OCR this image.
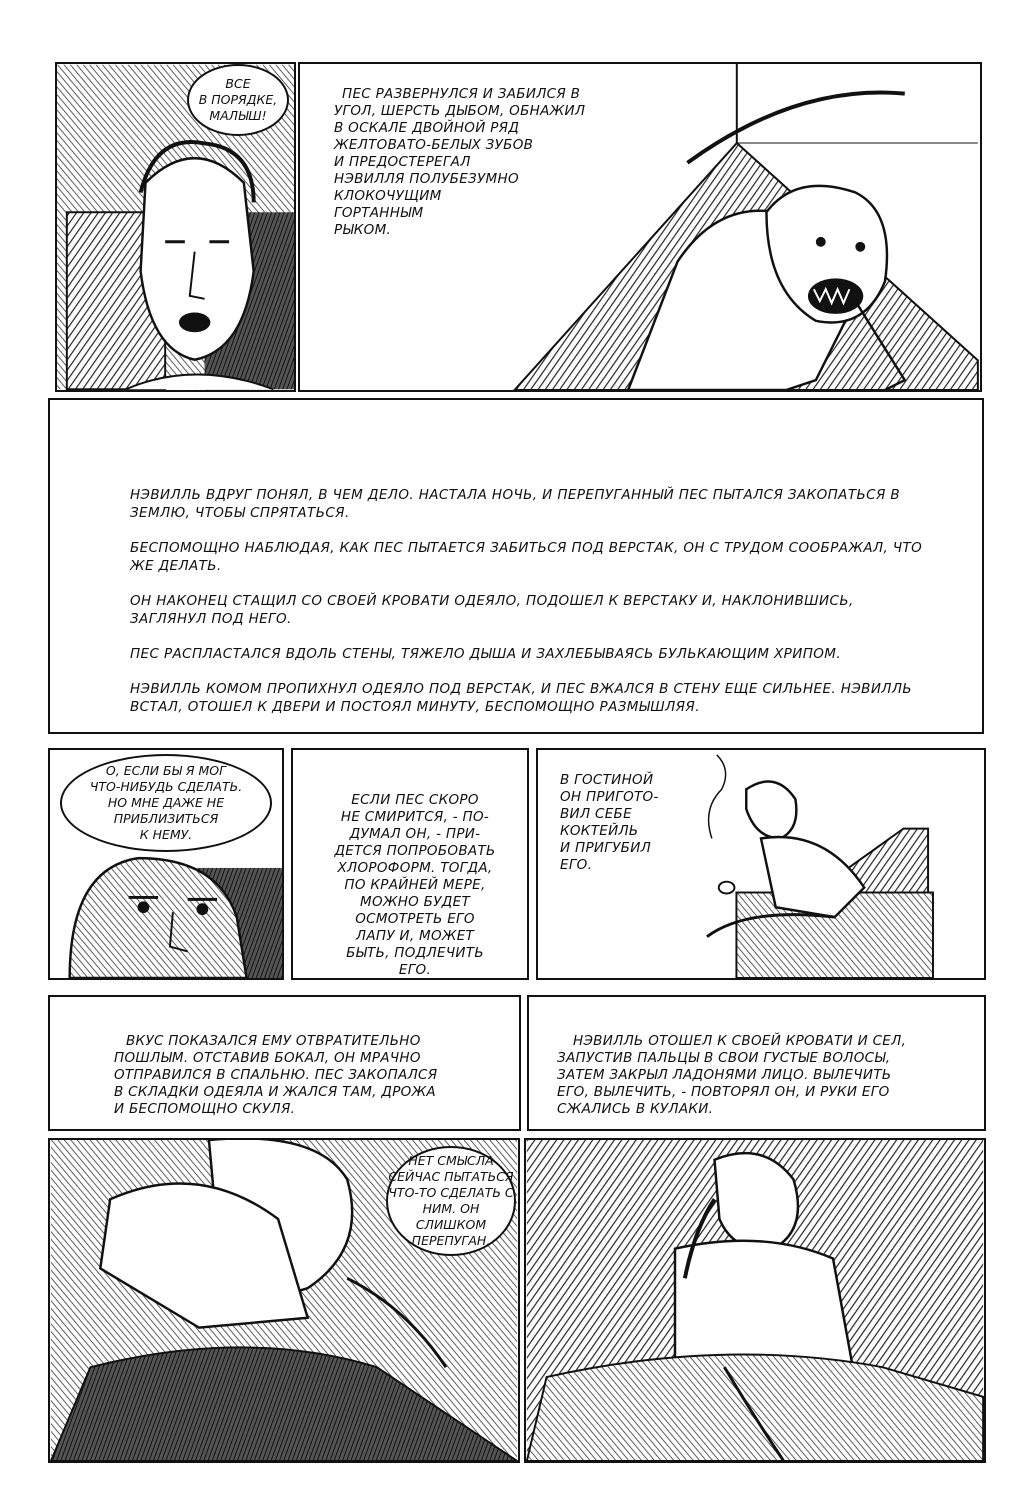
ВСЕ
В ПОРЯДКЕ,
МАЛЫШ!

ПЕС РАЗВЕРНУЛСЯ И ЗАБИЛСЯ В

УГОЛ, ШЕРСТЬ ДЫБОМ, ОБНАЖИЛ

В ОСКАЛЕ ДВОЙНОЙ РЯД

ЖЕЛТОВАТО-БЕЛЫХ ЗУБОВ

И ПРЕДОСТЕРЕГАЛ

НЭВИЛЛЯ ПОЛУБЕЗУМНО

КЛОКОЧУЩИМ

ГОРТАННЫМ

РЫКОМ.

НЭВИЛЛЬ ВДРУГ ПОНЯЛ, В ЧЕМ ДЕЛО. НАСТАЛА НОЧЬ, И ПЕРЕПУГАННЫЙ ПЕС ПЫТАЛСЯ ЗАКОПАТЬСЯ В ЗЕМЛЮ, ЧТОБЫ СПРЯТАТЬСЯ.

БЕСПОМОЩНО НАБЛЮДАЯ, КАК ПЕС ПЫТАЕТСЯ ЗАБИТЬСЯ ПОД ВЕРСТАК, ОН С ТРУДОМ СООБРАЖАЛ, ЧТО ЖЕ ДЕЛАТЬ.

ОН НАКОНЕЦ СТАЩИЛ СО СВОЕЙ КРОВАТИ ОДЕЯЛО, ПОДОШЕЛ К ВЕРСТАКУ И, НАКЛОНИВШИСЬ, ЗАГЛЯНУЛ ПОД НЕГО.

ПЕС РАСПЛАСТАЛСЯ ВДОЛЬ СТЕНЫ, ТЯЖЕЛО ДЫША И ЗАХЛЕБЫВАЯСЬ БУЛЬКАЮЩИМ ХРИПОМ.

НЭВИЛЛЬ КОМОМ ПРОПИХНУЛ ОДЕЯЛО ПОД ВЕРСТАК, И ПЕС ВЖАЛСЯ В СТЕНУ ЕЩЕ СИЛЬНЕЕ. НЭВИЛЛЬ ВСТАЛ, ОТОШЕЛ К ДВЕРИ И ПОСТОЯЛ МИНУТУ, БЕСПОМОЩНО РАЗМЫШЛЯЯ.

О, ЕСЛИ БЫ Я МОГ
ЧТО-НИБУДЬ СДЕЛАТЬ.
НО МНЕ ДАЖЕ НЕ
ПРИБЛИЗИТЬСЯ
К НЕМУ.

ЕСЛИ ПЕС СКОРО

НЕ СМИРИТСЯ, - ПО-

ДУМАЛ ОН, - ПРИ-

ДЕТСЯ ПОПРОБОВАТЬ

ХЛОРОФОРМ. ТОГДА,

ПО КРАЙНЕЙ МЕРЕ,

МОЖНО БУДЕТ

ОСМОТРЕТЬ ЕГО

ЛАПУ И, МОЖЕТ

БЫТЬ, ПОДЛЕЧИТЬ

ЕГО.

В ГОСТИНОЙ

ОН ПРИГОТО-

ВИЛ СЕБЕ

КОКТЕЙЛЬ

И ПРИГУБИЛ

ЕГО.

ВКУС ПОКАЗАЛСЯ ЕМУ ОТВРАТИТЕЛЬНО

ПОШЛЫМ. ОТСТАВИВ БОКАЛ, ОН МРАЧНО

ОТПРАВИЛСЯ В СПАЛЬНЮ. ПЕС ЗАКОПАЛСЯ

В СКЛАДКИ ОДЕЯЛА И ЖАЛСЯ ТАМ, ДРОЖА

И БЕСПОМОЩНО СКУЛЯ.

НЭВИЛЛЬ ОТОШЕЛ К СВОЕЙ КРОВАТИ И СЕЛ,

ЗАПУСТИВ ПАЛЬЦЫ В СВОИ ГУСТЫЕ ВОЛОСЫ,

ЗАТЕМ ЗАКРЫЛ ЛАДОНЯМИ ЛИЦО. ВЫЛЕЧИТЬ

ЕГО, ВЫЛЕЧИТЬ, - ПОВТОРЯЛ ОН, И РУКИ ЕГО

СЖАЛИСЬ В КУЛАКИ.

НЕТ СМЫСЛА
СЕЙЧАС ПЫТАТЬСЯ
ЧТО-ТО СДЕЛАТЬ С
НИМ. ОН СЛИШКОМ
ПЕРЕПУГАН.
